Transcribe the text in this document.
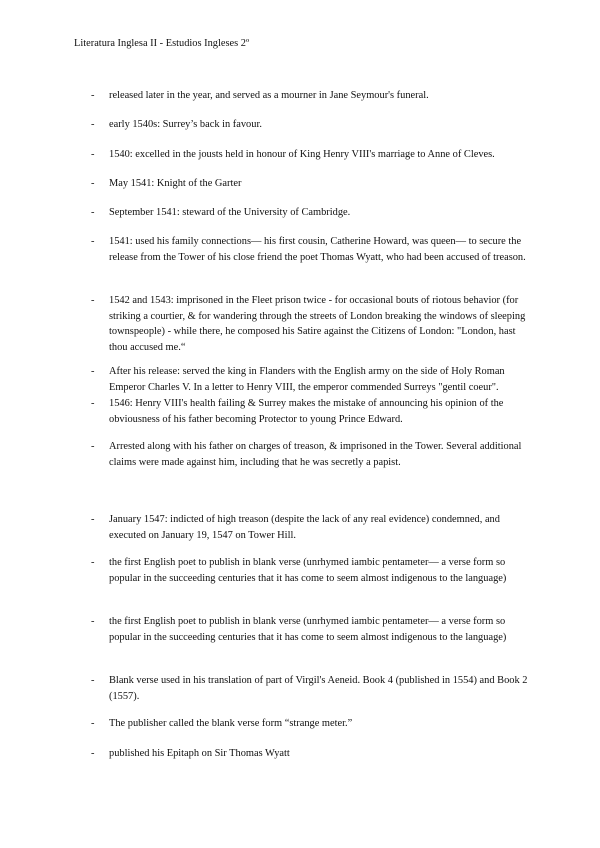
Literatura Inglesa II - Estudios Ingleses 2º
- released later in the year, and served as a mourner in Jane Seymour's funeral.
- early 1540s: Surrey’s back in favour.
- 1540: excelled in the jousts held in honour of King Henry VIII's marriage to Anne of Cleves.
- May 1541: Knight of the Garter
- September 1541: steward of the University of Cambridge.
- 1541: used his family connections— his first cousin, Catherine Howard, was queen— to secure the release from the Tower of his close friend the poet Thomas Wyatt, who had been accused of treason.
- 1542 and 1543: imprisoned in the Fleet prison twice - for occasional bouts of riotous behavior (for striking a courtier, & for wandering through the streets of London breaking the windows of sleeping townspeople) - while there, he composed his Satire against the Citizens of London: "London, hast thou accused me.“
- After his release: served the king in Flanders with the English army on the side of Holy Roman Emperor Charles V. In a letter to Henry VIII, the emperor commended Surreys "gentil coeur".
- 1546: Henry VIII's health failing & Surrey makes the mistake of announcing his opinion of the obviousness of his father becoming Protector to young Prince Edward.
- Arrested along with his father on charges of treason, & imprisoned in the Tower. Several additional claims were made against him, including that he was secretly a papist.
- January 1547: indicted of high treason (despite the lack of any real evidence) condemned, and executed on January 19, 1547 on Tower Hill.
- the first English poet to publish in blank verse (unrhymed iambic pentameter— a verse form so popular in the succeeding centuries that it has come to seem almost indigenous to the language)
- the first English poet to publish in blank verse (unrhymed iambic pentameter— a verse form so popular in the succeeding centuries that it has come to seem almost indigenous to the language)
- Blank verse used in his translation of part of Virgil's Aeneid. Book 4 (published in 1554) and Book 2 (1557).
- The publisher called the blank verse form “strange meter.”
- published his Epitaph on Sir Thomas Wyatt
